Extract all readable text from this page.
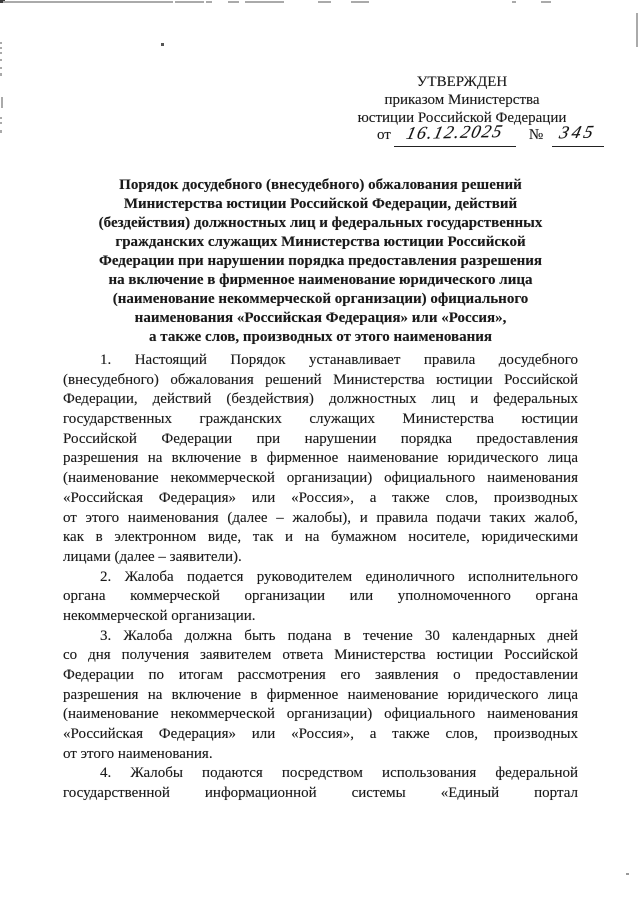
УТВЕРЖДЕН
приказом Министерства
юстиции Российской Федерации
от 16.12.2025 № 345
Порядок досудебного (внесудебного) обжалования решений
Министерства юстиции Российской Федерации, действий
(бездействия) должностных лиц и федеральных государственных
гражданских служащих Министерства юстиции Российской
Федерации при нарушении порядка предоставления разрешения
на включение в фирменное наименование юридического лица
(наименование некоммерческой организации) официального
наименования «Российская Федерация» или «Россия»,
а также слов, производных от этого наименования
1. Настоящий Порядок устанавливает правила досудебного
(внесудебного) обжалования решений Министерства юстиции Российской
Федерации, действий (бездействия) должностных лиц и федеральных
государственных гражданских служащих Министерства юстиции
Российской Федерации при нарушении порядка предоставления
разрешения на включение в фирменное наименование юридического лица
(наименование некоммерческой организации) официального наименования
«Российская Федерация» или «Россия», а также слов, производных
от этого наименования (далее – жалобы), и правила подачи таких жалоб,
как в электронном виде, так и на бумажном носителе, юридическими
лицами (далее – заявители).
2. Жалоба подается руководителем единоличного исполнительного
органа коммерческой организации или уполномоченного органа
некоммерческой организации.
3. Жалоба должна быть подана в течение 30 календарных дней
со дня получения заявителем ответа Министерства юстиции Российской
Федерации по итогам рассмотрения его заявления о предоставлении
разрешения на включение в фирменное наименование юридического лица
(наименование некоммерческой организации) официального наименования
«Российская Федерация» или «Россия», а также слов, производных
от этого наименования.
4. Жалобы подаются посредством использования федеральной
государственной информационной системы «Единый портал
